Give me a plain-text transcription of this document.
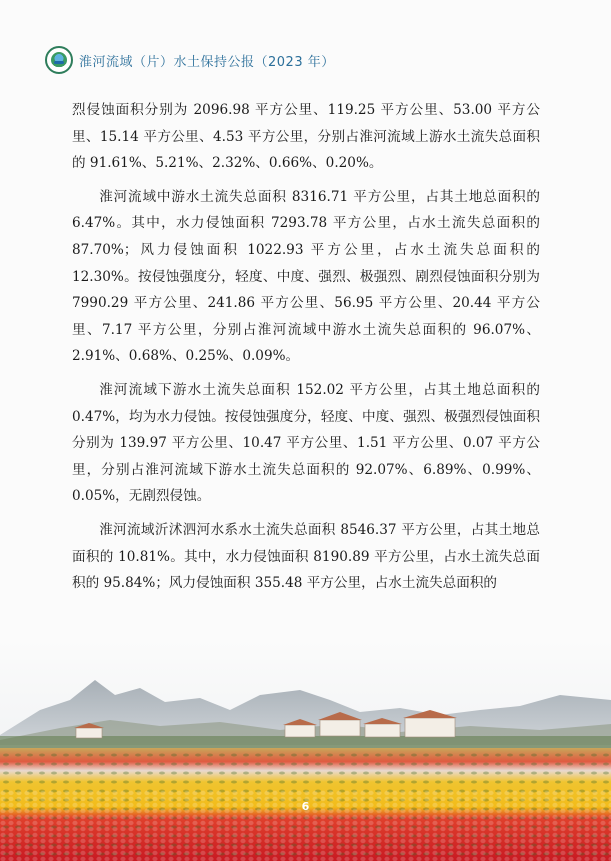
淮河流域（片）水土保持公报（2023 年）

烈侵蚀面积分别为 2096.98 平方公里、119.25 平方公里、53.00 平方公里、15.14 平方公里、4.53 平方公里，分别占淮河流域上游水土流失总面积的 91.61%、5.21%、2.32%、0.66%、0.20%。

淮河流域中游水土流失总面积 8316.71 平方公里，占其土地总面积的 6.47%。其中，水力侵蚀面积 7293.78 平方公里，占水土流失总面积的 87.70%；风力侵蚀面积 1022.93 平方公里，占水土流失总面积的 12.30%。按侵蚀强度分，轻度、中度、强烈、极强烈、剧烈侵蚀面积分别为 7990.29 平方公里、241.86 平方公里、56.95 平方公里、20.44 平方公里、7.17 平方公里，分别占淮河流域中游水土流失总面积的 96.07%、2.91%、0.68%、0.25%、0.09%。

淮河流域下游水土流失总面积 152.02 平方公里，占其土地总面积的 0.47%，均为水力侵蚀。按侵蚀强度分，轻度、中度、强烈、极强烈侵蚀面积分别为 139.97 平方公里、10.47 平方公里、1.51 平方公里、0.07 平方公里，分别占淮河流域下游水土流失总面积的 92.07%、6.89%、0.99%、0.05%，无剧烈侵蚀。

淮河流域沂沭泗河水系水土流失总面积 8546.37 平方公里，占其土地总面积的 10.81%。其中，水力侵蚀面积 8190.89 平方公里，占水土流失总面积的 95.84%；风力侵蚀面积 355.48 平方公里，占水土流失总面积的

6
